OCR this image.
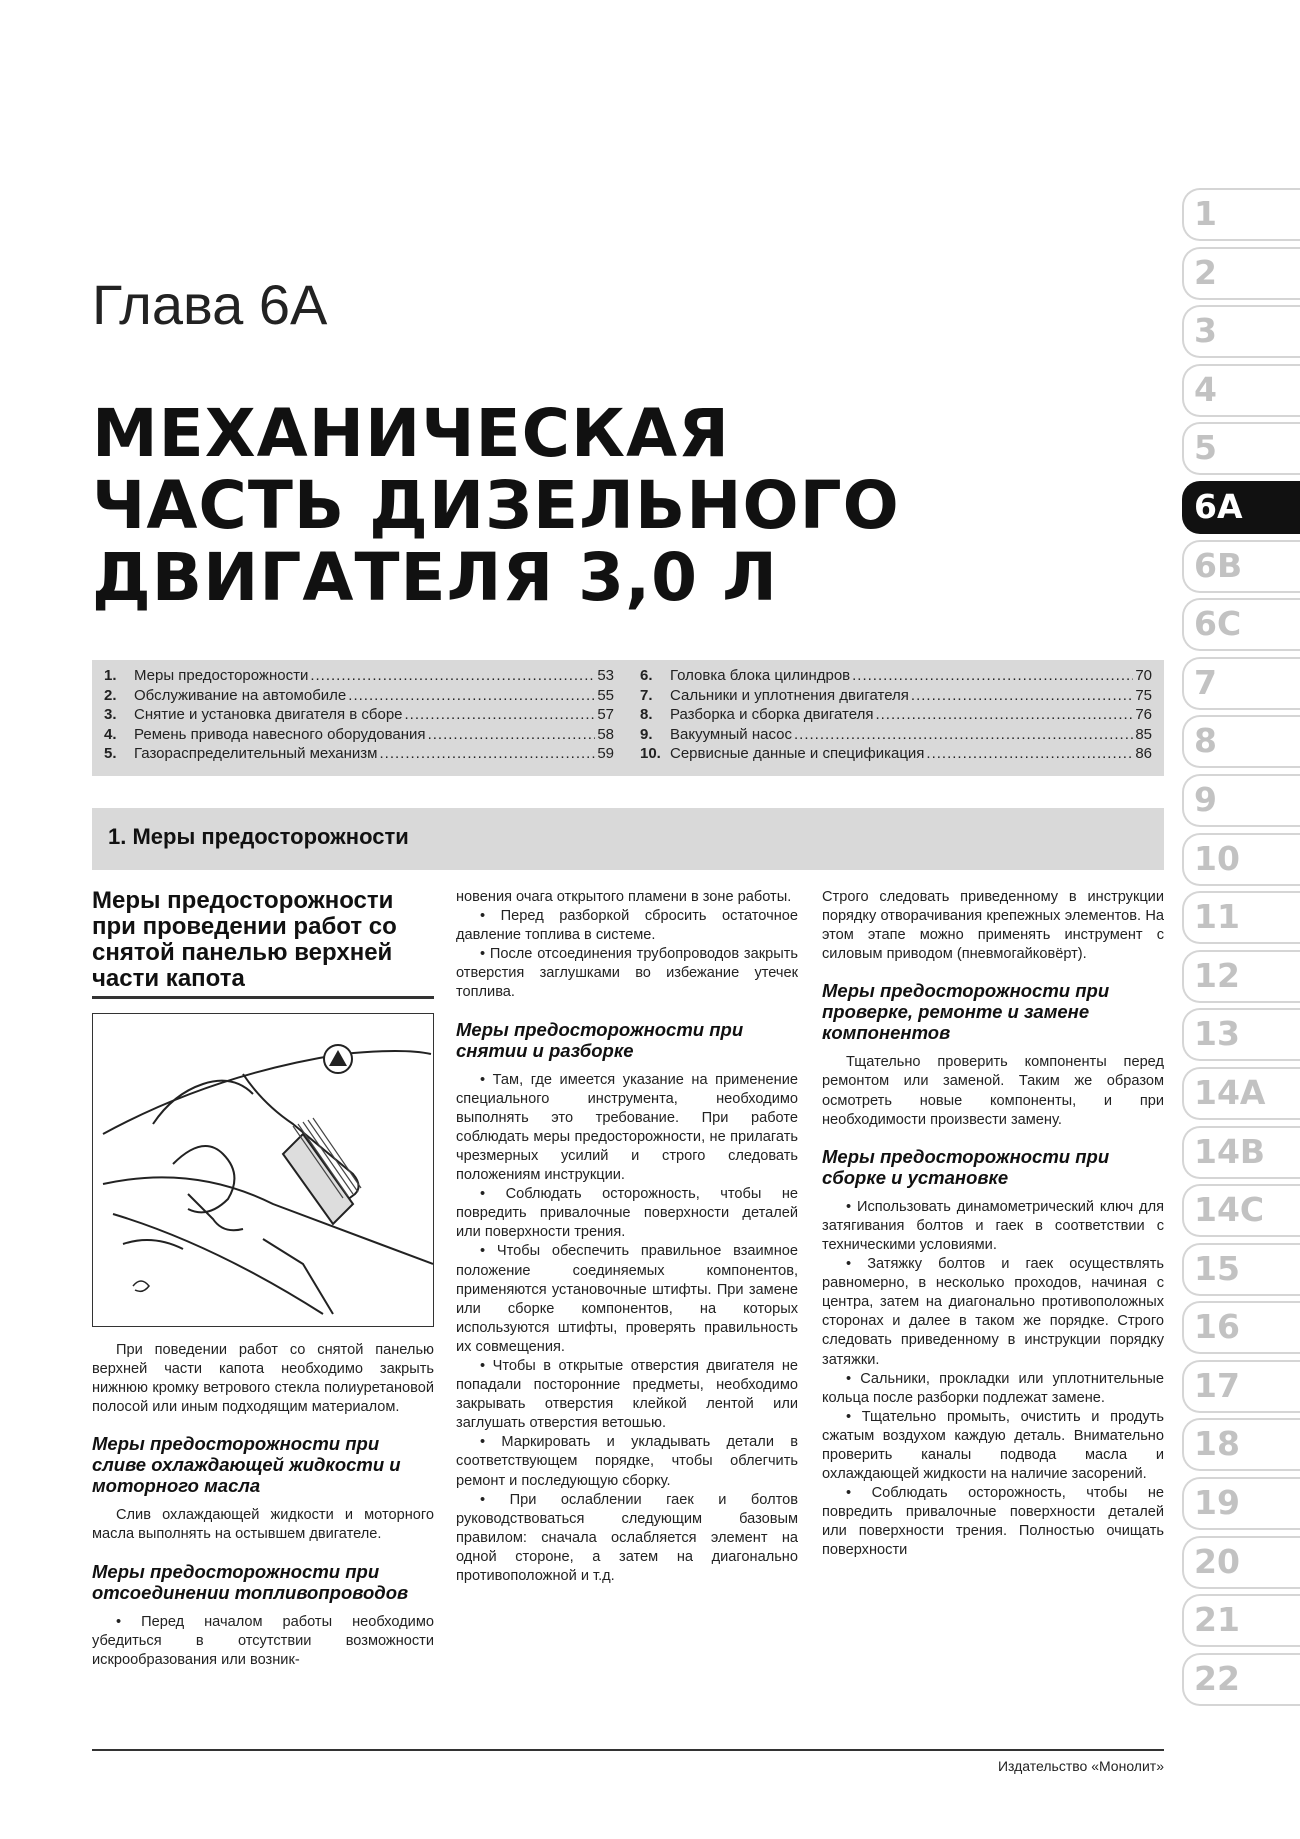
Глава 6А
МЕХАНИЧЕСКАЯ
ЧАСТЬ ДИЗЕЛЬНОГО
ДВИГАТЕЛЯ 3,0 Л
1.	Меры предосторожности .....	53
2.	Обслуживание на автомобиле .....	55
3.	Снятие и установка двигателя в сборе .....	57
4.	Ремень привода навесного оборудования .....	58
5.	Газораспределительный механизм .....	59
6.	Головка блока цилиндров .....	70
7.	Сальники и уплотнения двигателя .....	75
8.	Разборка и сборка двигателя .....	76
9.	Вакуумный насос .....	85
10. Сервисные данные и спецификация .....	86
1. Меры предосторожности
1
2
3
4
5
6A
6B
6C
7
8
9
10
11
12
13
14A
14B
14C
15
16
17
18
19
20
21
22
Меры предосторожности при проведении работ со снятой панелью верхней части капота

При поведении работ со снятой панелью верхней части капота необходимо закрыть нижнюю кромку ветрового стекла полиуретановой полосой или иным подходящим материалом.

Меры предосторожности при сливе охлаждающей жидкости и моторного масла

Слив охлаждающей жидкости и моторного масла выполнять на остывшем двигателе.

Меры предосторожности при отсоединении топливопроводов

• Перед началом работы необходимо убедиться в отсутствии возможности искрообразования или возник-

новения очага открытого пламени в зоне работы.

• Перед разборкой сбросить остаточное давление топлива в системе.

• После отсоединения трубопроводов закрыть отверстия заглушками во избежание утечек топлива.

Меры предосторожности при снятии и разборке

• Там, где имеется указание на применение специального инструмента, необходимо выполнять это требование. При работе соблюдать меры предосторожности, не прилагать чрезмерных усилий и строго следовать положениям инструкции.

• Соблюдать осторожность, чтобы не повредить привалочные поверхности деталей или поверхности трения.

• Чтобы обеспечить правильное взаимное положение соединяемых компонентов, применяются установочные штифты. При замене или сборке компонентов, на которых используются штифты, проверять правильность их совмещения.

• Чтобы в открытые отверстия двигателя не попадали посторонние предметы, необходимо закрывать отверстия клейкой лентой или заглушать отверстия ветошью.

• Маркировать и укладывать детали в соответствующем порядке, чтобы облегчить ремонт и последующую сборку.

• При ослаблении гаек и болтов руководствоваться следующим базовым правилом: сначала ослабляется элемент на одной стороне, а затем на диагонально противоположной и т.д.

Строго следовать приведенному в инструкции порядку отворачивания крепежных элементов. На этом этапе можно применять инструмент с силовым приводом (пневмогайковёрт).

Меры предосторожности при проверке, ремонте и замене компонентов

Тщательно проверить компоненты перед ремонтом или заменой. Таким же образом осмотреть новые компоненты, и при необходимости произвести замену.

Меры предосторожности при сборке и установке

• Использовать динамометрический ключ для затягивания болтов и гаек в соответствии с техническими условиями.

• Затяжку болтов и гаек осуществлять равномерно, в несколько проходов, начиная с центра, затем на диагонально противоположных сторонах и далее в таком же порядке. Строго следовать приведенному в инструкции порядку затяжки.

• Сальники, прокладки или уплотнительные кольца после разборки подлежат замене.

• Тщательно промыть, очистить и продуть сжатым воздухом каждую деталь. Внимательно проверить каналы подвода масла и охлаждающей жидкости на наличие засорений.

• Соблюдать осторожность, чтобы не повредить привалочные поверхности деталей или поверхности трения. Полностью очищать поверхности

Издательство «Монолит»
